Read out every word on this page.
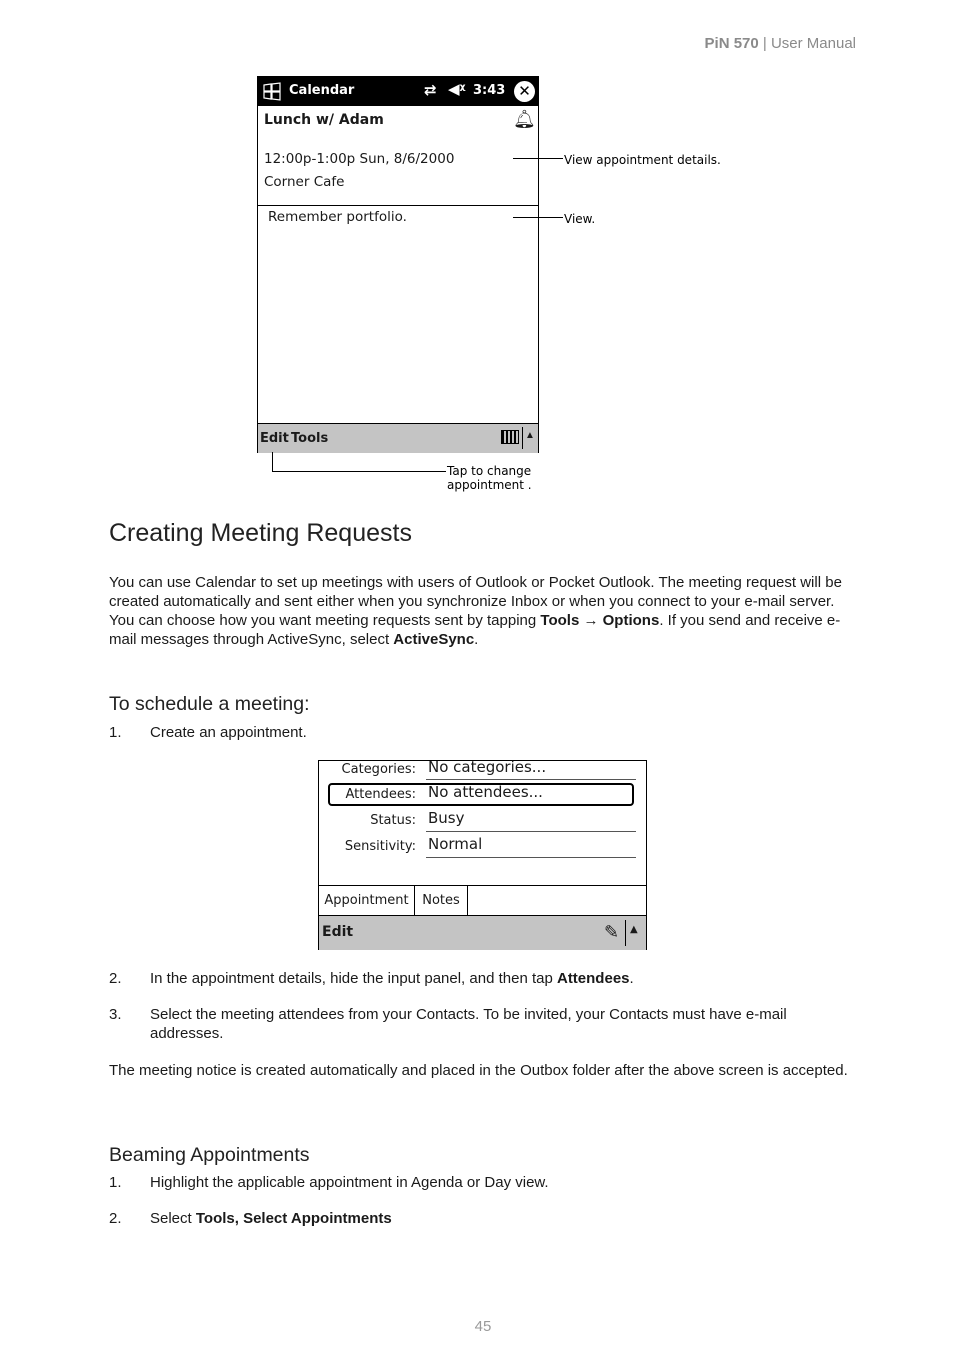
PiN 570 | User Manual
Calendar	⇄ ◀ᵡ 3:43 ✕
Lunch w/ Adam	🔔︎
12:00p-1:00p Sun, 8/6/2000
Corner Cafe
Remember portfolio.
Edit Tools	▲
View appointment details.
View.
Tap to change
appointment .
Creating Meeting Requests

You can use Calendar to set up meetings with users of Outlook or Pocket Outlook. The meeting request will be created automatically and sent either when you synchronize Inbox or when you connect to your e-mail server. You can choose how you want meeting requests sent by tapping Tools → Options. If you send and receive e-mail messages through ActiveSync, select ActiveSync.

To schedule a meeting:
1. Create an appointment.
Categories: No categories...
Attendees: No attendees...
Status: Busy
Sensitivity: Normal
Appointment	Notes
Edit	✎ ▲
2. In the appointment details, hide the input panel, and then tap Attendees.
3. Select the meeting attendees from your Contacts. To be invited, your Contacts must have e-mail addresses.

The meeting notice is created automatically and placed in the Outbox folder after the above screen is accepted.

Beaming Appointments
1. Highlight the applicable appointment in Agenda or Day view.
2. Select Tools, Select Appointments
45
